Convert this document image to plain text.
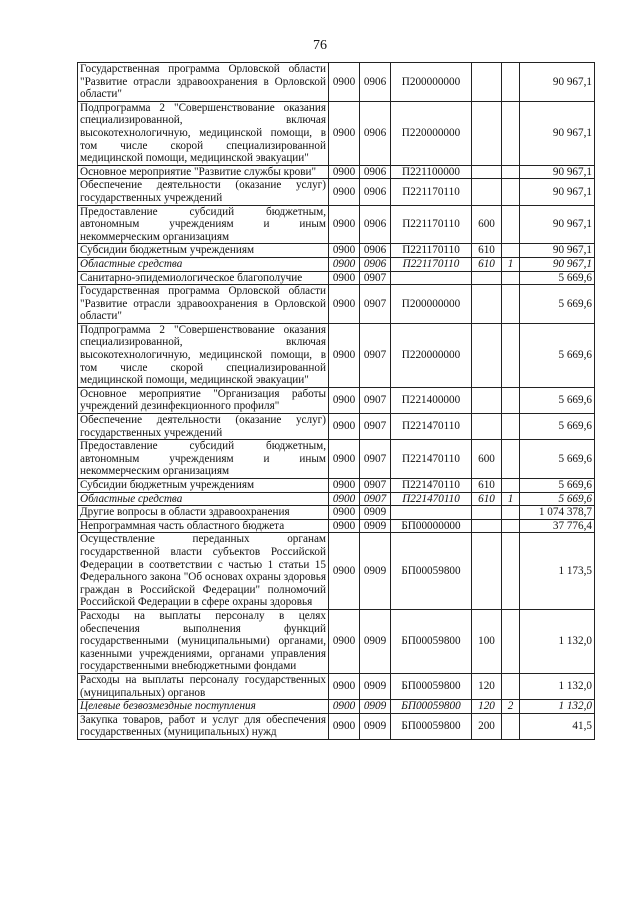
76
Государственная программа Орловской области "Развитие отрасли здравоохранения в Орловской области"	0900	0906	П200000000			90 967,1
Подпрограмма 2 "Совершенствование оказания специализированной, включая высокотехнологичную, медицинской помощи, в том числе скорой специализированной медицинской помощи, медицинской эвакуации"	0900	0906	П220000000			90 967,1
Основное мероприятие "Развитие службы крови"	0900	0906	П221100000			90 967,1
Обеспечение деятельности (оказание услуг) государственных учреждений	0900	0906	П221170110			90 967,1
Предоставление субсидий бюджетным, автономным учреждениям и иным некоммерческим организациям	0900	0906	П221170110	600		90 967,1
Субсидии бюджетным учреждениям	0900	0906	П221170110	610		90 967,1
Областные средства	0900	0906	П221170110	610	1	90 967,1
Санитарно-эпидемиологическое благополучие	0900	0907				5 669,6
Государственная программа Орловской области "Развитие отрасли здравоохранения в Орловской области"	0900	0907	П200000000			5 669,6
Подпрограмма 2 "Совершенствование оказания специализированной, включая высокотехнологичную, медицинской помощи, в том числе скорой специализированной медицинской помощи, медицинской эвакуации"	0900	0907	П220000000			5 669,6
Основное мероприятие "Организация работы учреждений дезинфекционного профиля"	0900	0907	П221400000			5 669,6
Обеспечение деятельности (оказание услуг) государственных учреждений	0900	0907	П221470110			5 669,6
Предоставление субсидий бюджетным, автономным учреждениям и иным некоммерческим организациям	0900	0907	П221470110	600		5 669,6
Субсидии бюджетным учреждениям	0900	0907	П221470110	610		5 669,6
Областные средства	0900	0907	П221470110	610	1	5 669,6
Другие вопросы в области здравоохранения	0900	0909				1 074 378,7
Непрограммная часть областного бюджета	0900	0909	БП00000000			37 776,4
Осуществление переданных органам государственной власти субъектов Российской Федерации в соответствии с частью 1 статьи 15 Федерального закона "Об основах охраны здоровья граждан в Российской Федерации" полномочий Российской Федерации в сфере охраны здоровья	0900	0909	БП00059800			1 173,5
Расходы на выплаты персоналу в целях обеспечения выполнения функций государственными (муниципальными) органами, казенными учреждениями, органами управления государственными внебюджетными фондами	0900	0909	БП00059800	100		1 132,0
Расходы на выплаты персоналу государственных (муниципальных) органов	0900	0909	БП00059800	120		1 132,0
Целевые безвозмездные поступления	0900	0909	БП00059800	120	2	1 132,0
Закупка товаров, работ и услуг для обеспечения государственных (муниципальных) нужд	0900	0909	БП00059800	200		41,5
